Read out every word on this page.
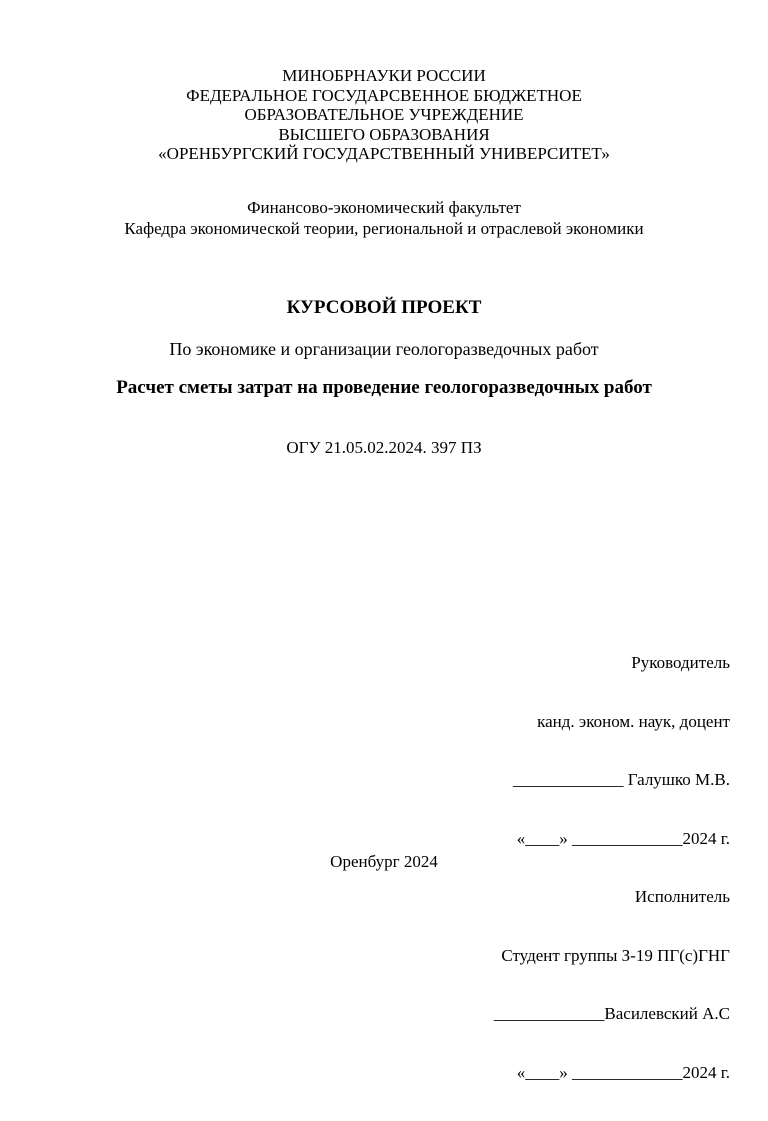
МИНОБРНАУКИ РОССИИ
ФЕДЕРАЛЬНОЕ ГОСУДАРСВЕННОЕ БЮДЖЕТНОЕ
ОБРАЗОВАТЕЛЬНОЕ УЧРЕЖДЕНИЕ
ВЫСШЕГО ОБРАЗОВАНИЯ
«ОРЕНБУРГСКИЙ ГОСУДАРСТВЕННЫЙ УНИВЕРСИТЕТ»
Финансово-экономический факультет
Кафедра экономической теории, региональной и отраслевой экономики
КУРСОВОЙ ПРОЕКТ
По экономике и организации геологоразведочных работ
Расчет сметы затрат на проведение геологоразведочных работ
ОГУ 21.05.02.2024. 397 ПЗ

Руководитель

канд. эконом. наук, доцент

_____________ Галушко М.В.

«____» _____________2024 г.

Исполнитель

Студент группы З-19 ПГ(с)ГНГ

_____________Василевский А.С

«____» _____________2024 г.

Оренбург 2024
